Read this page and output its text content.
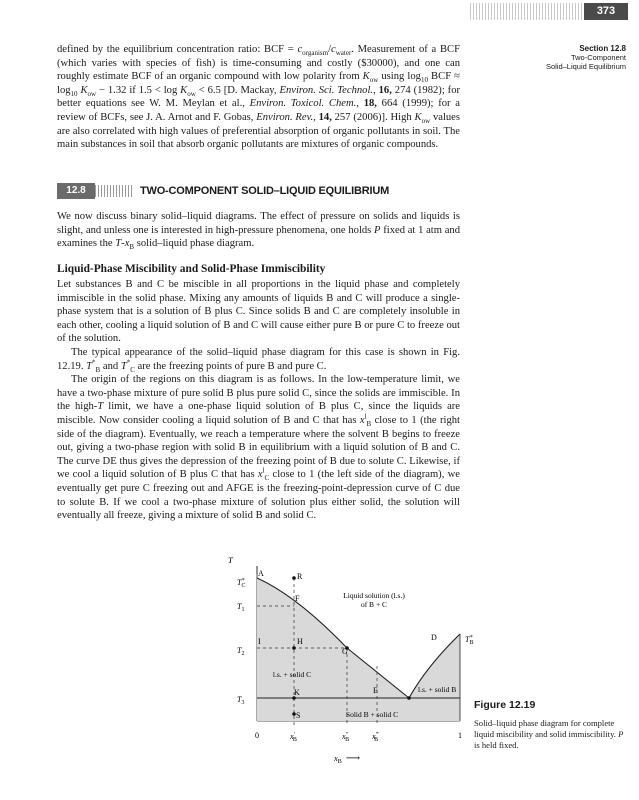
373
Section 12.8
Two-Component
Solid–Liquid Equilibrium

defined by the equilibrium concentration ratio: BCF = $c_{organism}/c_{water}$. Measurement of a BCF (which varies with species of fish) is time-consuming and costly ($30000), and one can roughly estimate BCF of an organic compound with low polarity from $K_{ow}$ using $\log_{10}$ BCF ≈ $\log_{10} K_{ow} - 1.32$ if $1.5 < \log K_{ow} < 6.5$ [D. Mackay, Environ. Sci. Technol., 16, 274 (1982); for better equations see W. M. Meylan et al., Environ. Toxicol. Chem., 18, 664 (1999); for a review of BCFs, see J. A. Arnot and F. Gobas, Environ. Rev., 14, 257 (2006)]. High $K_{ow}$ values are also correlated with high values of preferential absorption of organic pollutants in soil. The main substances in soil that absorb organic pollutants are mixtures of organic compounds.

12.8	TWO-COMPONENT SOLID–LIQUID EQUILIBRIUM

We now discuss binary solid–liquid diagrams. The effect of pressure on solids and liquids is slight, and unless one is interested in high-pressure phenomena, one holds P fixed at 1 atm and examines the $T-x_B$ solid–liquid phase diagram.

Liquid-Phase Miscibility and Solid-Phase Immiscibility

Let substances B and C be miscible in all proportions in the liquid phase and completely immiscible in the solid phase. Mixing any amounts of liquids B and C will produce a single-phase system that is a solution of B plus C. Since solids B and C are completely insoluble in each other, cooling a liquid solution of B and C will cause either pure B or pure C to freeze out of the solution.

The typical appearance of the solid–liquid phase diagram for this case is shown in Fig. 12.19. $T^*_B$ and $T^*_C$ are the freezing points of pure B and pure C.

The origin of the regions on this diagram is as follows. In the low-temperature limit, we have a two-phase mixture of pure solid B plus pure solid C, since the solids are immiscible. In the high-T limit, we have a one-phase liquid solution of B plus C, since the liquids are miscible. Now consider cooling a liquid solution of B and C that has $x^l_B$ close to 1 (the right side of the diagram). Eventually, we reach a temperature where the solvent B begins to freeze out, giving a two-phase region with solid B in equilibrium with a liquid solution of B and C. The curve DE thus gives the depression of the freezing point of B due to solute C. Likewise, if we cool a liquid solution of B plus C that has $x^l_C$ close to 1 (the left side of the diagram), we eventually get pure C freezing out and AFGE is the freezing-point-depression curve of C due to solute B. If we cool a two-phase mixture of solution plus either solid, the solution will eventually all freeze, giving a mixture of solid B and solid C.

A	R
F
I	H
G
D
E
K
S
Liquid solution (l.s.)
of B + C
l.s. + solid C
l.s. + solid B
Solid B + solid C
T
T* C
$T_1$
$T_2$
$T_3$
T* B
0	1
x′ B	x″ B	x‴ B
$x_B$ ⟶
Figure 12.19
Solid–liquid phase diagram for complete liquid miscibility and solid immiscibility. P is held fixed.
